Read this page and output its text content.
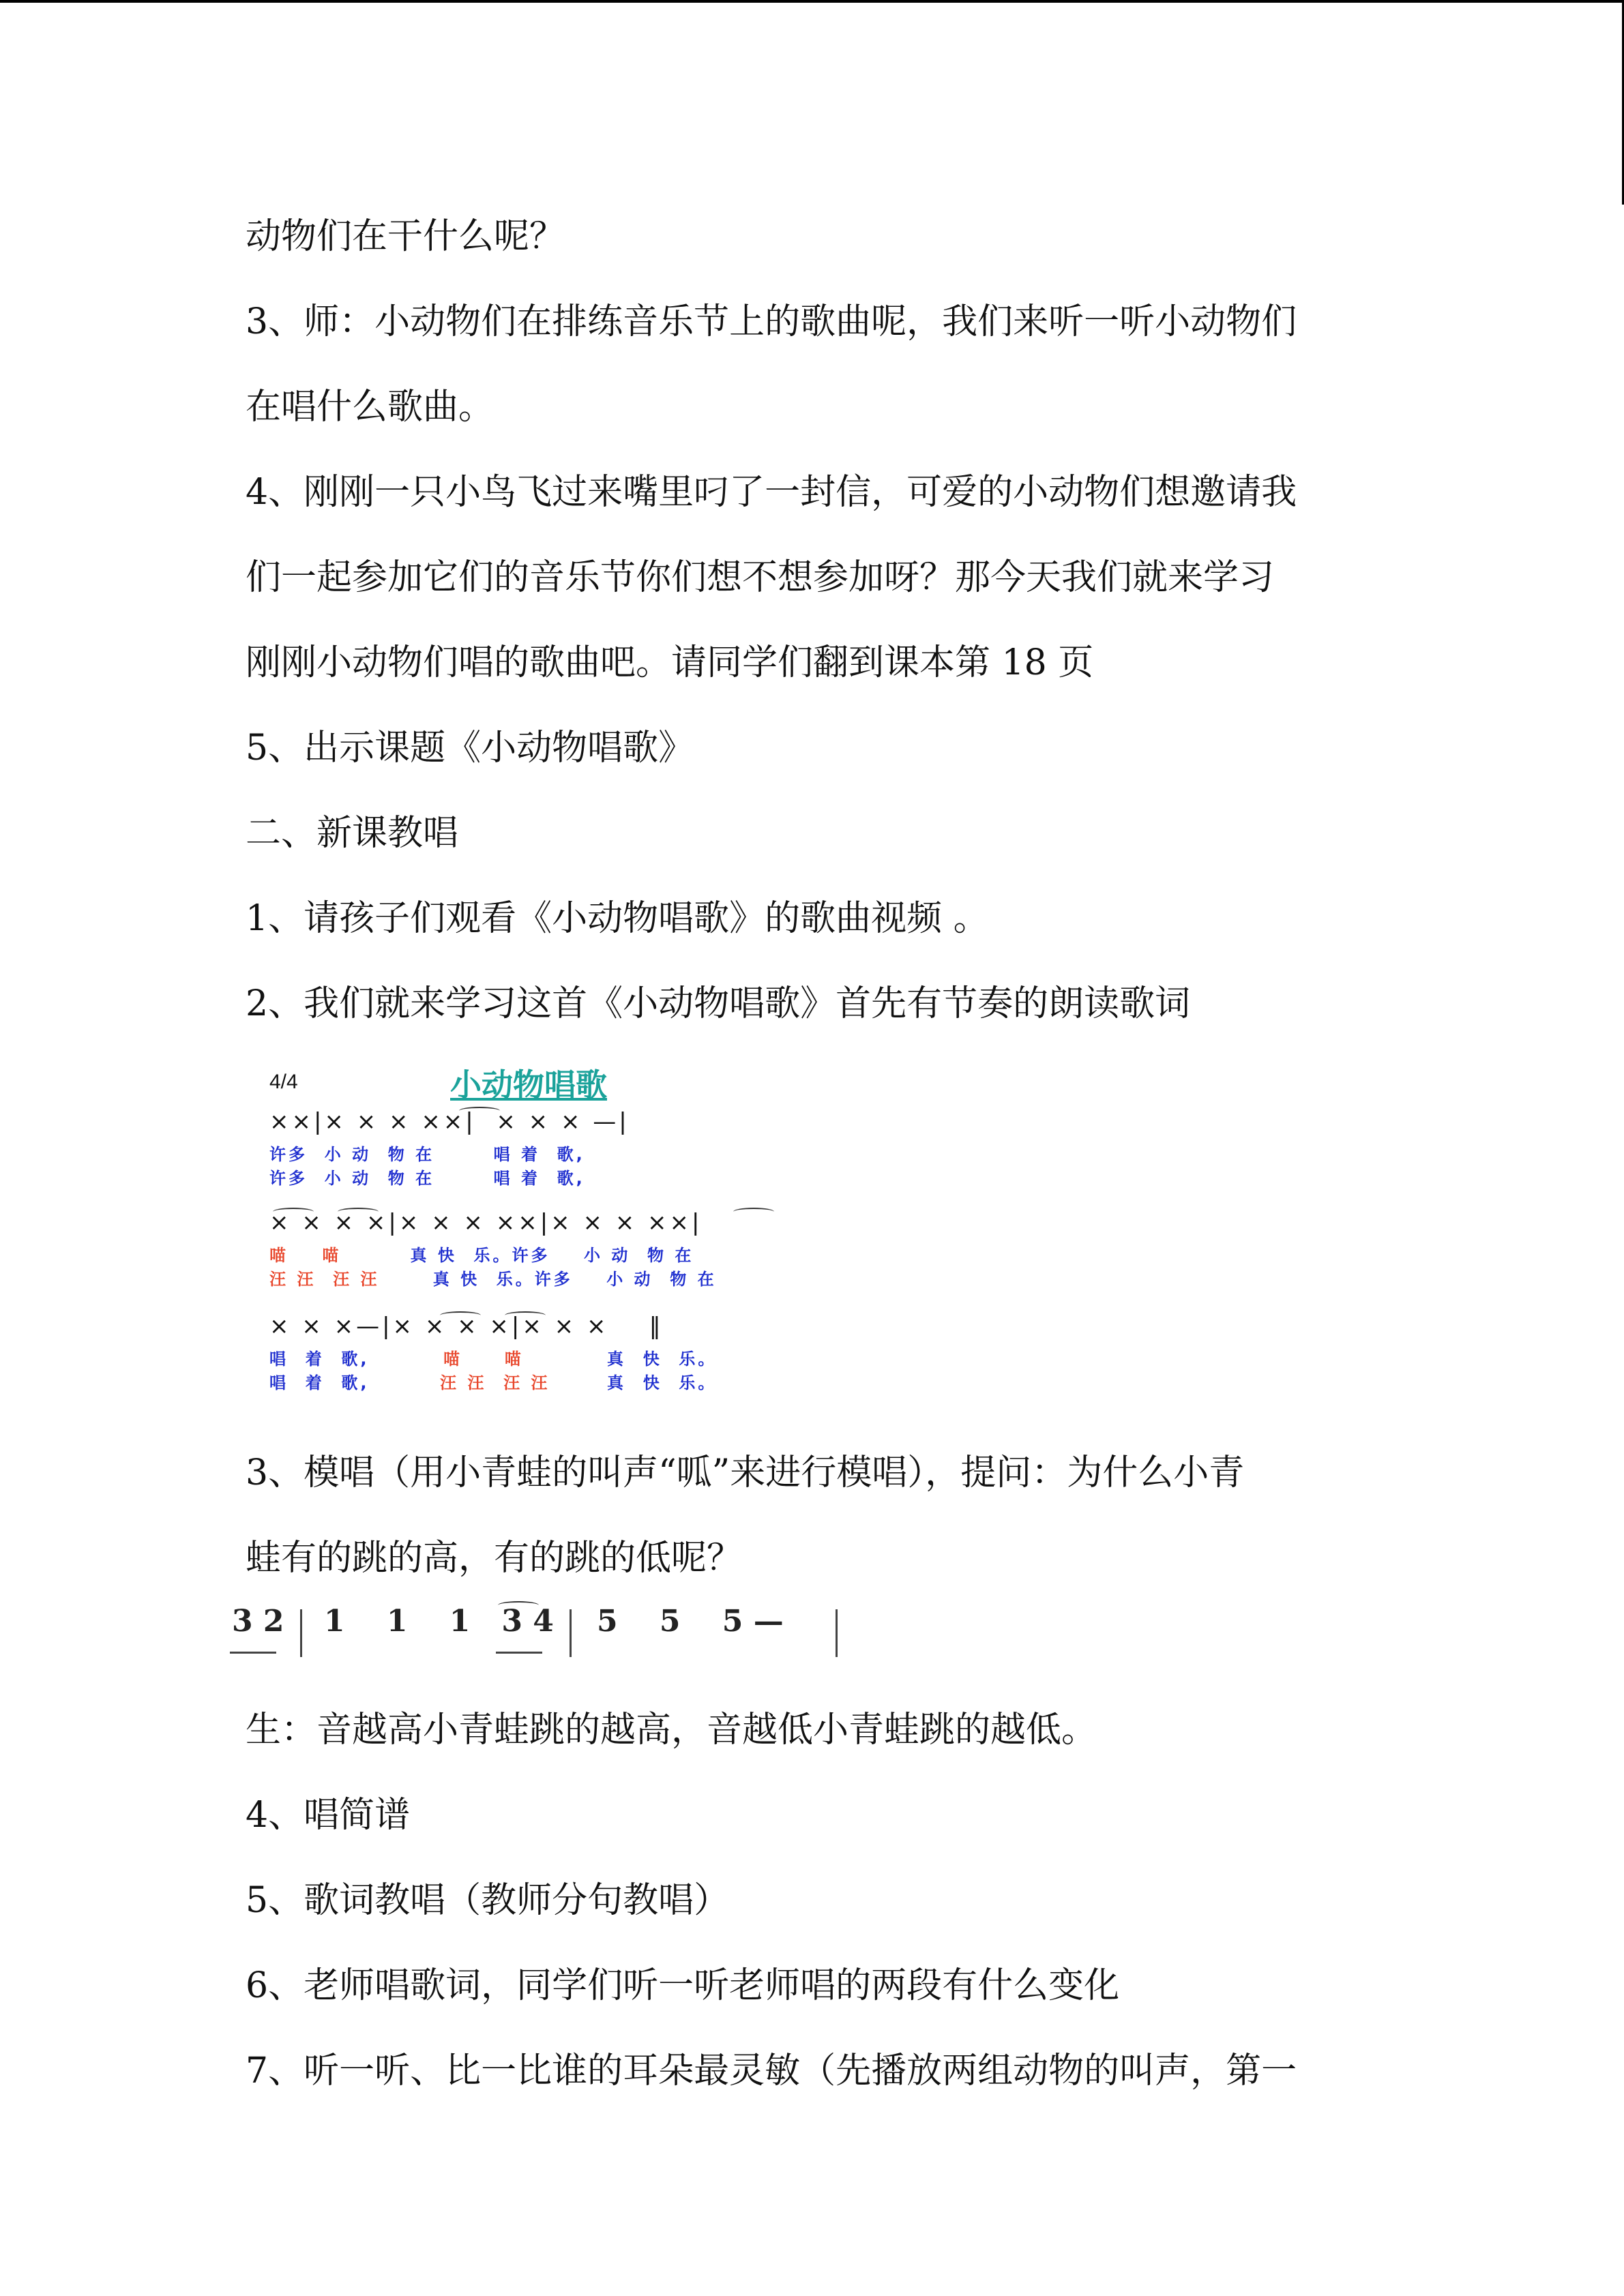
动物们在干什么呢？
3、师：小动物们在排练音乐节上的歌曲呢，我们来听一听小动物们
在唱什么歌曲。
4、刚刚一只小鸟飞过来嘴里叼了一封信，可爱的小动物们想邀请我
们一起参加它们的音乐节你们想不想参加呀？那今天我们就来学习
刚刚小动物们唱的歌曲吧。请同学们翻到课本第 18 页
5、出示课题《小动物唱歌》
二、新课教唱
1、请孩子们观看《小动物唱歌》的歌曲视频 。
2、我们就来学习这首《小动物唱歌》首先有节奏的朗读歌词
4/4	小动物唱歌
××|× × × ××|  × × × —|
许多  小 动  物 在       唱 着  歌,
许多  小 动  物 在       唱 着  歌,
× × × ×|× × × ××|× × × ××|
喵    喵 真 快  乐。许多    小 动  物 在
汪 汪  汪 汪 真 快  乐。许多    小 动  物 在
× × ×—|× × × ×|× × ×    ‖
唱  着  歌,	喵     喵	真  快  乐。
唱  着  歌,	汪 汪  汪 汪	真  快  乐。
3、模唱（用小青蛙的叫声“呱”来进行模唱），提问：为什么小青
蛙有的跳的高，有的跳的低呢？
3 2 1    1    1   3 4 5    5    5 —
生：音越高小青蛙跳的越高，音越低小青蛙跳的越低。
4、唱简谱
5、歌词教唱（教师分句教唱）
6、老师唱歌词，同学们听一听老师唱的两段有什么变化
7、听一听、比一比谁的耳朵最灵敏（先播放两组动物的叫声，第一
